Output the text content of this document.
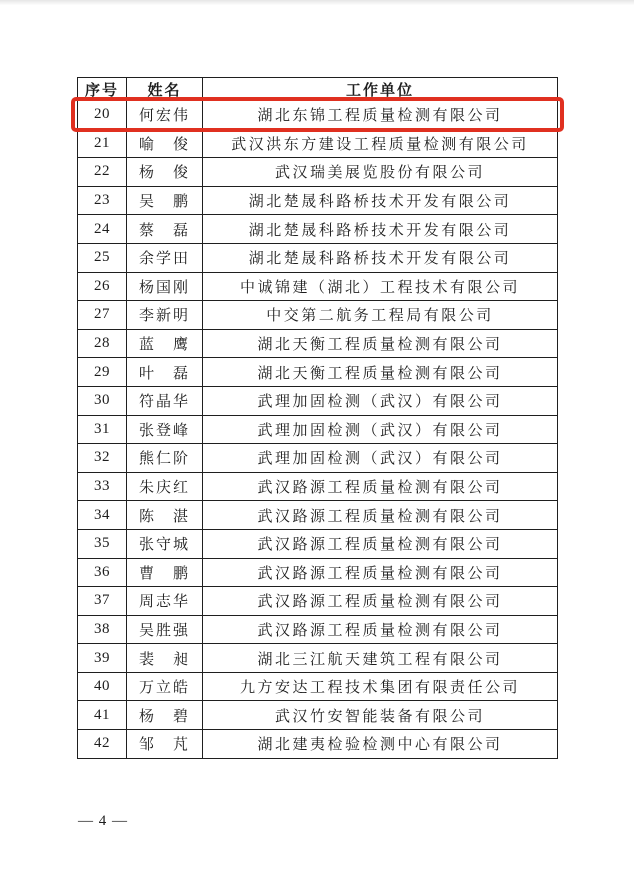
序号	姓名	工作单位
20	何宏伟	湖北东锦工程质量检测有限公司
21	喻　俊	武汉洪东方建设工程质量检测有限公司
22	杨　俊	武汉瑞美展览股份有限公司
23	吴　鹏	湖北楚晟科路桥技术开发有限公司
24	蔡　磊	湖北楚晟科路桥技术开发有限公司
25	余学田	湖北楚晟科路桥技术开发有限公司
26	杨国刚	中诚锦建（湖北）工程技术有限公司
27	李新明	中交第二航务工程局有限公司
28	蓝　鹰	湖北天衡工程质量检测有限公司
29	叶　磊	湖北天衡工程质量检测有限公司
30	符晶华	武理加固检测（武汉）有限公司
31	张登峰	武理加固检测（武汉）有限公司
32	熊仁阶	武理加固检测（武汉）有限公司
33	朱庆红	武汉路源工程质量检测有限公司
34	陈　湛	武汉路源工程质量检测有限公司
35	张守城	武汉路源工程质量检测有限公司
36	曹　鹏	武汉路源工程质量检测有限公司
37	周志华	武汉路源工程质量检测有限公司
38	吴胜强	武汉路源工程质量检测有限公司
39	裴　昶	湖北三江航天建筑工程有限公司
40	万立皓	九方安达工程技术集团有限责任公司
41	杨　碧	武汉竹安智能装备有限公司
42	邹　芃	湖北建夷检验检测中心有限公司
— 4 —
